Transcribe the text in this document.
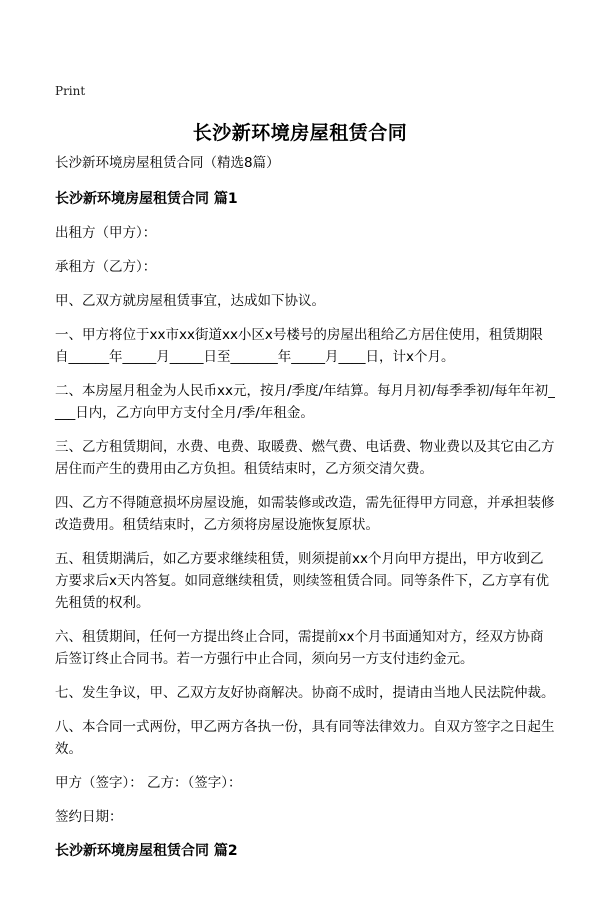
Print
长沙新环境房屋租赁合同

长沙新环境房屋租赁合同（精选8篇）

长沙新环境房屋租赁合同 篇1

出租方（甲方）：

承租方（乙方）：

甲、乙双方就房屋租赁事宜，达成如下协议。

一、甲方将位于xx市xx街道xx小区x号楼号的房屋出租给乙方居住使用，租赁期限自______年_____月_____日至_______年_____月____日，计x个月。

二、本房屋月租金为人民币xx元，按月/季度/年结算。每月月初/每季季初/每年年初____日内，乙方向甲方支付全月/季/年租金。

三、乙方租赁期间，水费、电费、取暖费、燃气费、电话费、物业费以及其它由乙方居住而产生的费用由乙方负担。租赁结束时，乙方须交清欠费。

四、乙方不得随意损坏房屋设施，如需装修或改造，需先征得甲方同意，并承担装修改造费用。租赁结束时，乙方须将房屋设施恢复原状。

五、租赁期满后，如乙方要求继续租赁，则须提前xx个月向甲方提出，甲方收到乙方要求后x天内答复。如同意继续租赁，则续签租赁合同。同等条件下，乙方享有优先租赁的权利。

六、租赁期间，任何一方提出终止合同，需提前xx个月书面通知对方，经双方协商后签订终止合同书。若一方强行中止合同，须向另一方支付违约金元。

七、发生争议，甲、乙双方友好协商解决。协商不成时，提请由当地人民法院仲裁。

八、本合同一式两份，甲乙两方各执一份，具有同等法律效力。自双方签字之日起生效。

甲方（签字）： 乙方：（签字）：

签约日期：

长沙新环境房屋租赁合同 篇2
